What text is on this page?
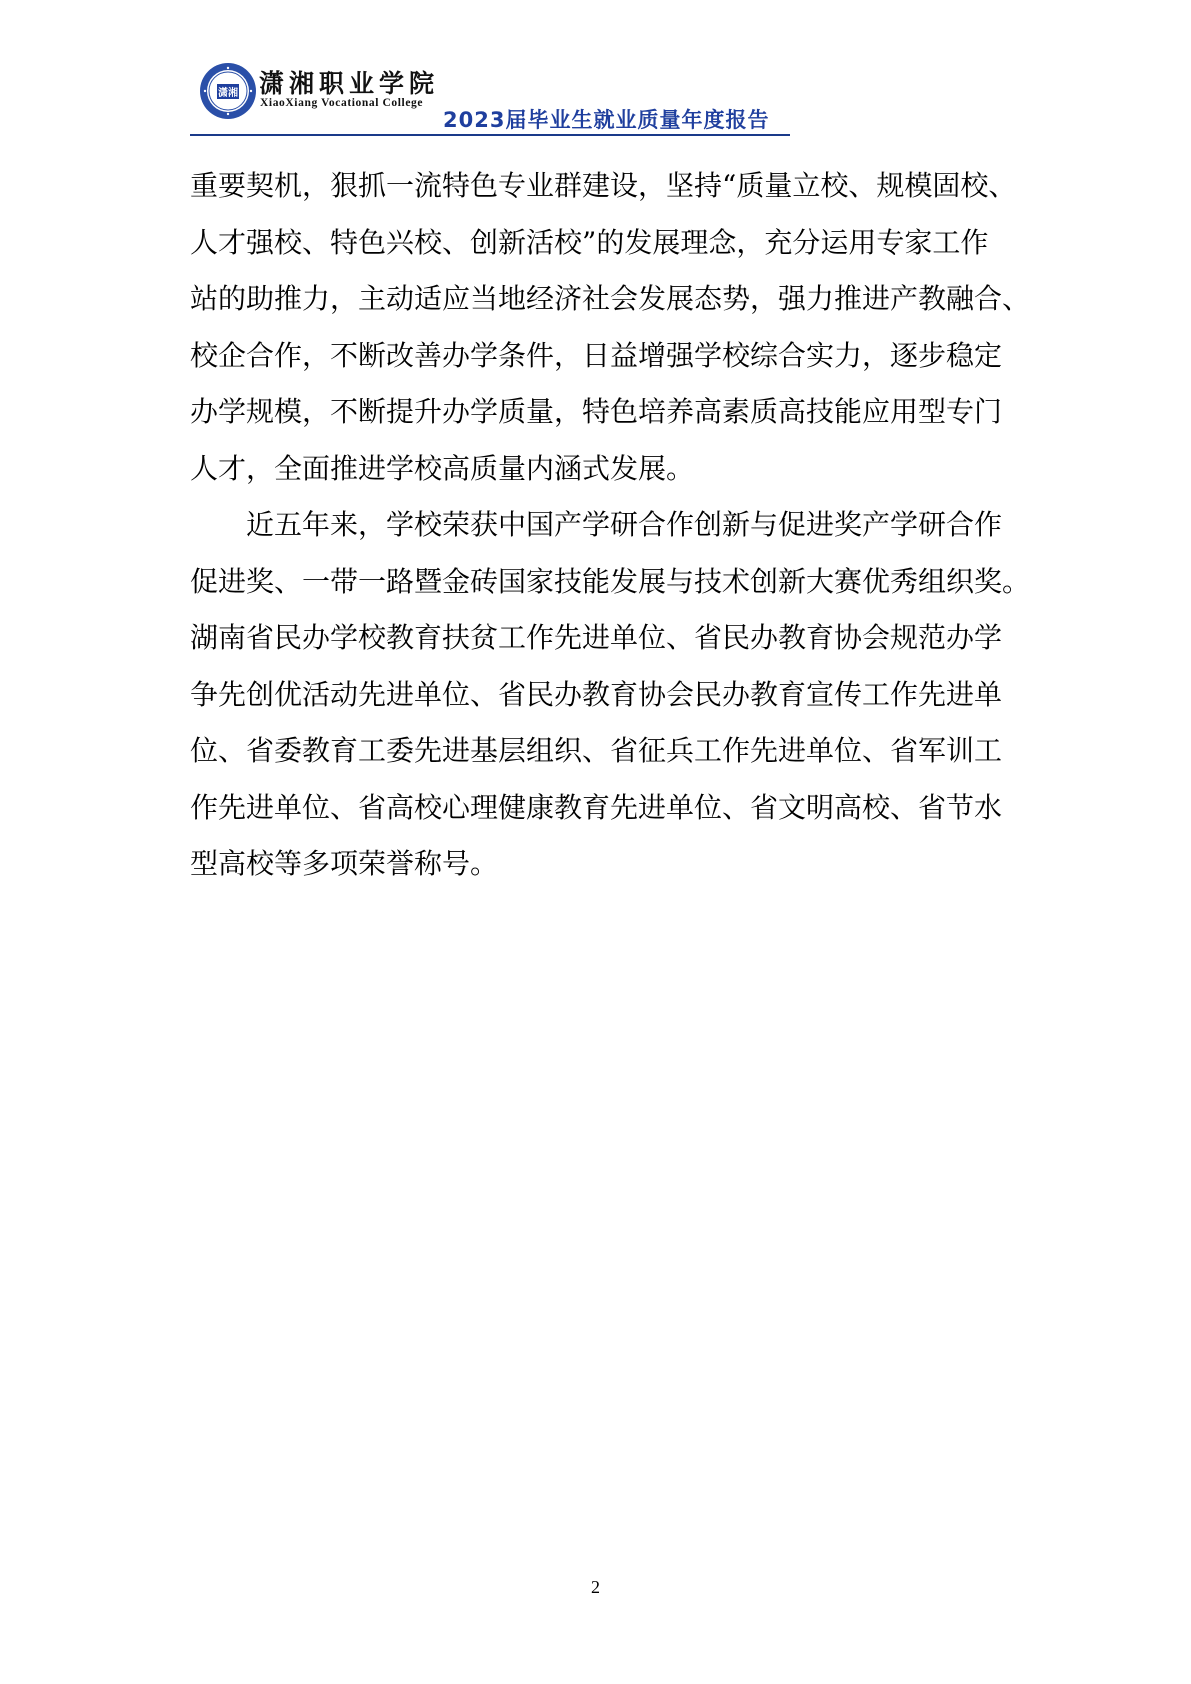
潇湘 潇湘职业学院
XiaoXiang Vocational College
2023届毕业生就业质量年度报告

重要契机，狠抓一流特色专业群建设，坚持“质量立校、规模固校、
人才强校、特色兴校、创新活校”的发展理念，充分运用专家工作
站的助推力，主动适应当地经济社会发展态势，强力推进产教融合、
校企合作，不断改善办学条件，日益增强学校综合实力，逐步稳定
办学规模，不断提升办学质量，特色培养高素质高技能应用型专门
人才，全面推进学校高质量内涵式发展。

近五年来，学校荣获中国产学研合作创新与促进奖产学研合作
促进奖、一带一路暨金砖国家技能发展与技术创新大赛优秀组织奖。
湖南省民办学校教育扶贫工作先进单位、省民办教育协会规范办学
争先创优活动先进单位、省民办教育协会民办教育宣传工作先进单
位、省委教育工委先进基层组织、省征兵工作先进单位、省军训工
作先进单位、省高校心理健康教育先进单位、省文明高校、省节水
型高校等多项荣誉称号。

2
